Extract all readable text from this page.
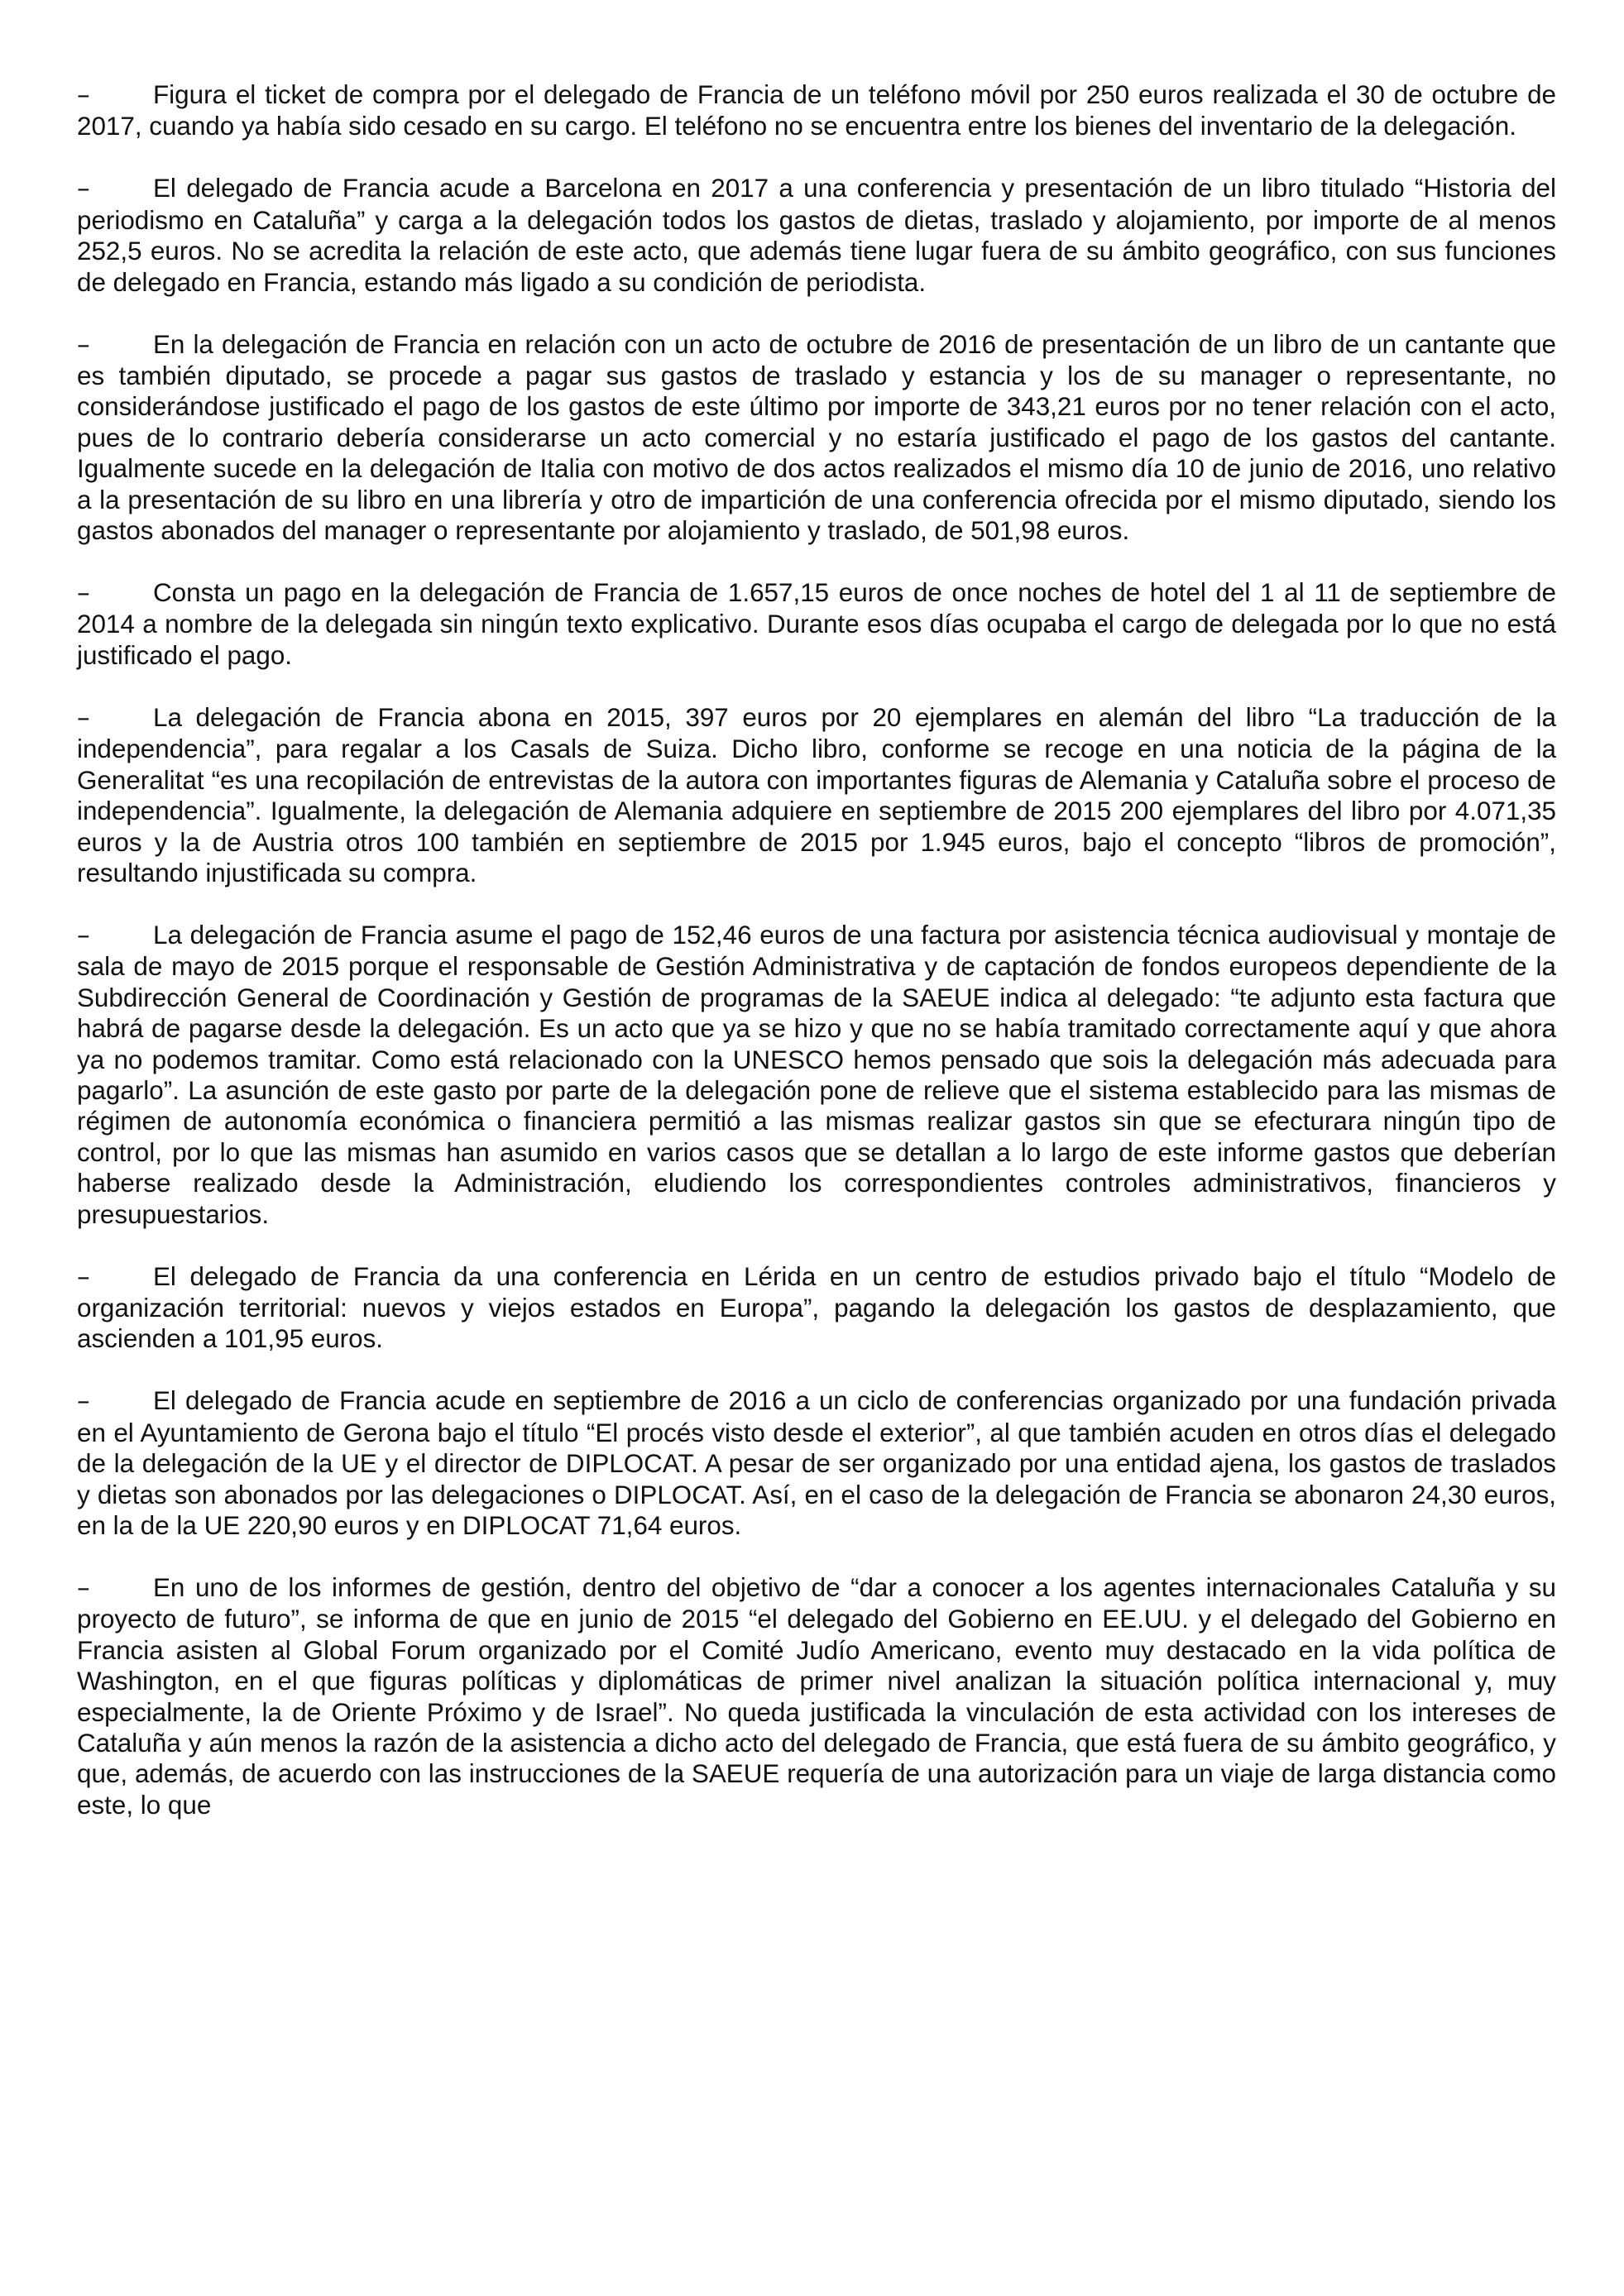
– Figura el ticket de compra por el delegado de Francia de un teléfono móvil por 250 euros realizada el 30 de octubre de 2017, cuando ya había sido cesado en su cargo. El teléfono no se encuentra entre los bienes del inventario de la delegación.

– El delegado de Francia acude a Barcelona en 2017 a una conferencia y presentación de un libro titulado “Historia del periodismo en Cataluña” y carga a la delegación todos los gastos de dietas, traslado y alojamiento, por importe de al menos 252,5 euros. No se acredita la relación de este acto, que además tiene lugar fuera de su ámbito geográfico, con sus funciones de delegado en Francia, estando más ligado a su condición de periodista.

– En la delegación de Francia en relación con un acto de octubre de 2016 de presentación de un libro de un cantante que es también diputado, se procede a pagar sus gastos de traslado y estancia y los de su manager o representante, no considerándose justificado el pago de los gastos de este último por importe de 343,21 euros por no tener relación con el acto, pues de lo contrario debería considerarse un acto comercial y no estaría justificado el pago de los gastos del cantante. Igualmente sucede en la delegación de Italia con motivo de dos actos realizados el mismo día 10 de junio de 2016, uno relativo a la presentación de su libro en una librería y otro de impartición de una conferencia ofrecida por el mismo diputado, siendo los gastos abonados del manager o representante por alojamiento y traslado, de 501,98 euros.

– Consta un pago en la delegación de Francia de 1.657,15 euros de once noches de hotel del 1 al 11 de septiembre de 2014 a nombre de la delegada sin ningún texto explicativo. Durante esos días ocupaba el cargo de delegada por lo que no está justificado el pago.

– La delegación de Francia abona en 2015, 397 euros por 20 ejemplares en alemán del libro “La traducción de la independencia”, para regalar a los Casals de Suiza. Dicho libro, conforme se recoge en una noticia de la página de la Generalitat “es una recopilación de entrevistas de la autora con importantes figuras de Alemania y Cataluña sobre el proceso de independencia”. Igualmente, la delegación de Alemania adquiere en septiembre de 2015 200 ejemplares del libro por 4.071,35 euros y la de Austria otros 100 también en septiembre de 2015 por 1.945 euros, bajo el concepto “libros de promoción”, resultando injustificada su compra.

– La delegación de Francia asume el pago de 152,46 euros de una factura por asistencia técnica audiovisual y montaje de sala de mayo de 2015 porque el responsable de Gestión Administrativa y de captación de fondos europeos dependiente de la Subdirección General de Coordinación y Gestión de programas de la SAEUE indica al delegado: “te adjunto esta factura que habrá de pagarse desde la delegación. Es un acto que ya se hizo y que no se había tramitado correctamente aquí y que ahora ya no podemos tramitar. Como está relacionado con la UNESCO hemos pensado que sois la delegación más adecuada para pagarlo”. La asunción de este gasto por parte de la delegación pone de relieve que el sistema establecido para las mismas de régimen de autonomía económica o financiera permitió a las mismas realizar gastos sin que se efecturara ningún tipo de control, por lo que las mismas han asumido en varios casos que se detallan a lo largo de este informe gastos que deberían haberse realizado desde la Administración, eludiendo los correspondientes controles administrativos, financieros y presupuestarios.

– El delegado de Francia da una conferencia en Lérida en un centro de estudios privado bajo el título “Modelo de organización territorial: nuevos y viejos estados en Europa”, pagando la delegación los gastos de desplazamiento, que ascienden a 101,95 euros.

– El delegado de Francia acude en septiembre de 2016 a un ciclo de conferencias organizado por una fundación privada en el Ayuntamiento de Gerona bajo el título “El procés visto desde el exterior”, al que también acuden en otros días el delegado de la delegación de la UE y el director de DIPLOCAT. A pesar de ser organizado por una entidad ajena, los gastos de traslados y dietas son abonados por las delegaciones o DIPLOCAT. Así, en el caso de la delegación de Francia se abonaron 24,30 euros, en la de la UE 220,90 euros y en DIPLOCAT 71,64 euros.

– En uno de los informes de gestión, dentro del objetivo de “dar a conocer a los agentes internacionales Cataluña y su proyecto de futuro”, se informa de que en junio de 2015 “el delegado del Gobierno en EE.UU. y el delegado del Gobierno en Francia asisten al Global Forum organizado por el Comité Judío Americano, evento muy destacado en la vida política de Washington, en el que figuras políticas y diplomáticas de primer nivel analizan la situación política internacional y, muy especialmente, la de Oriente Próximo y de Israel”. No queda justificada la vinculación de esta actividad con los intereses de Cataluña y aún menos la razón de la asistencia a dicho acto del delegado de Francia, que está fuera de su ámbito geográfico, y que, además, de acuerdo con las instrucciones de la SAEUE requería de una autorización para un viaje de larga distancia como este, lo que
